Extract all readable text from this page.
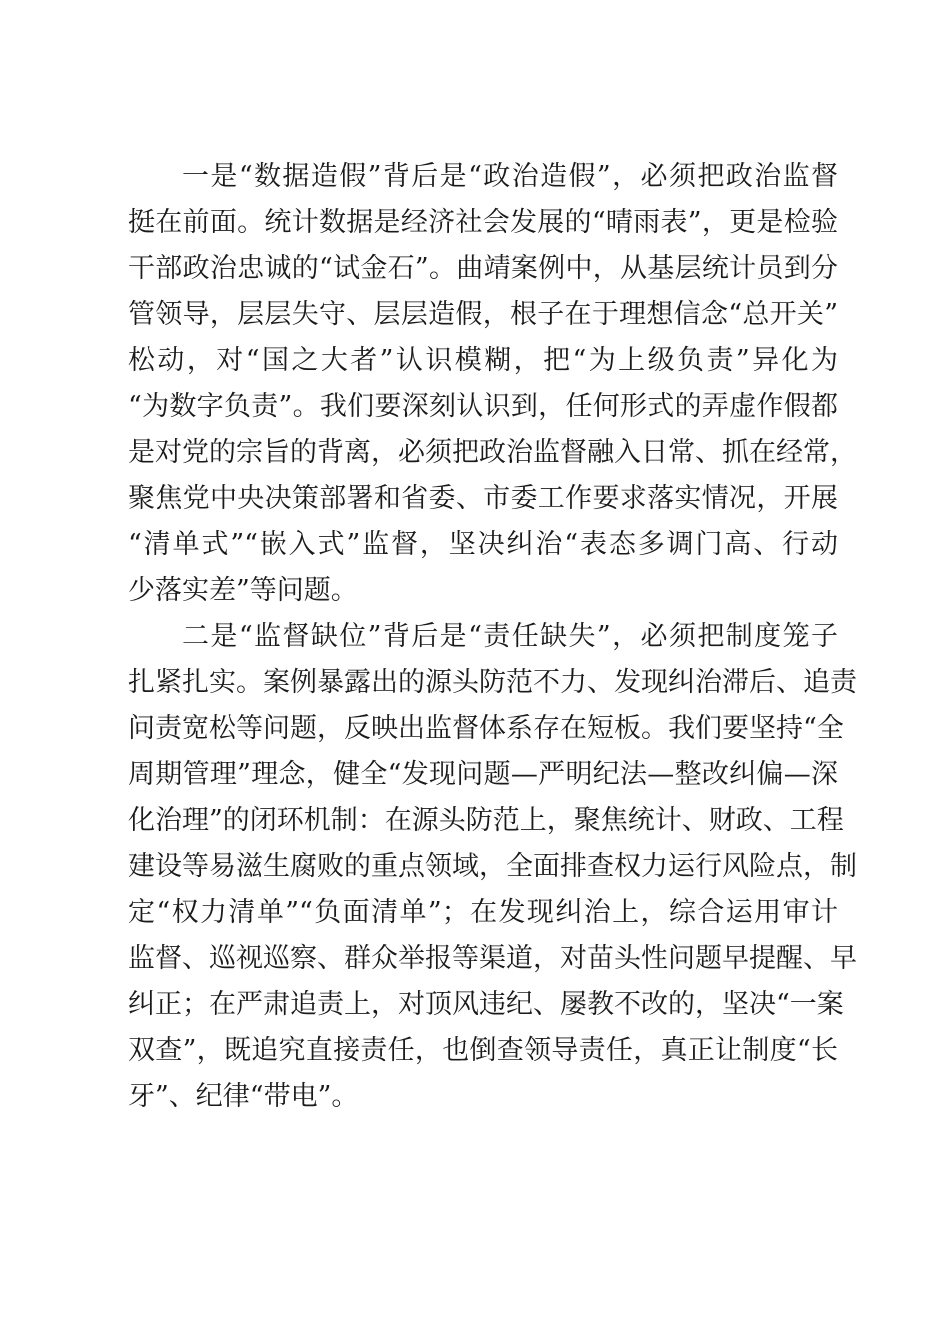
一是“数据造假”背后是“政治造假”，必须把政治监督
挺在前面。统计数据是经济社会发展的“晴雨表”，更是检验
干部政治忠诚的“试金石”。曲靖案例中，从基层统计员到分
管领导，层层失守、层层造假，根子在于理想信念“总开关”
松动，对“国之大者”认识模糊，把“为上级负责”异化为
“为数字负责”。我们要深刻认识到，任何形式的弄虚作假都
是对党的宗旨的背离，必须把政治监督融入日常、抓在经常，
聚焦党中央决策部署和省委、市委工作要求落实情况，开展
“清单式”“嵌入式”监督，坚决纠治“表态多调门高、行动
少落实差”等问题。
二是“监督缺位”背后是“责任缺失”，必须把制度笼子
扎紧扎实。案例暴露出的源头防范不力、发现纠治滞后、追责
问责宽松等问题，反映出监督体系存在短板。我们要坚持“全
周期管理”理念，健全“发现问题—严明纪法—整改纠偏—深
化治理”的闭环机制：在源头防范上，聚焦统计、财政、工程
建设等易滋生腐败的重点领域，全面排查权力运行风险点，制
定“权力清单”“负面清单”；在发现纠治上，综合运用审计
监督、巡视巡察、群众举报等渠道，对苗头性问题早提醒、早
纠正；在严肃追责上，对顶风违纪、屡教不改的，坚决“一案
双查”，既追究直接责任，也倒查领导责任，真正让制度“长
牙”、纪律“带电”。
